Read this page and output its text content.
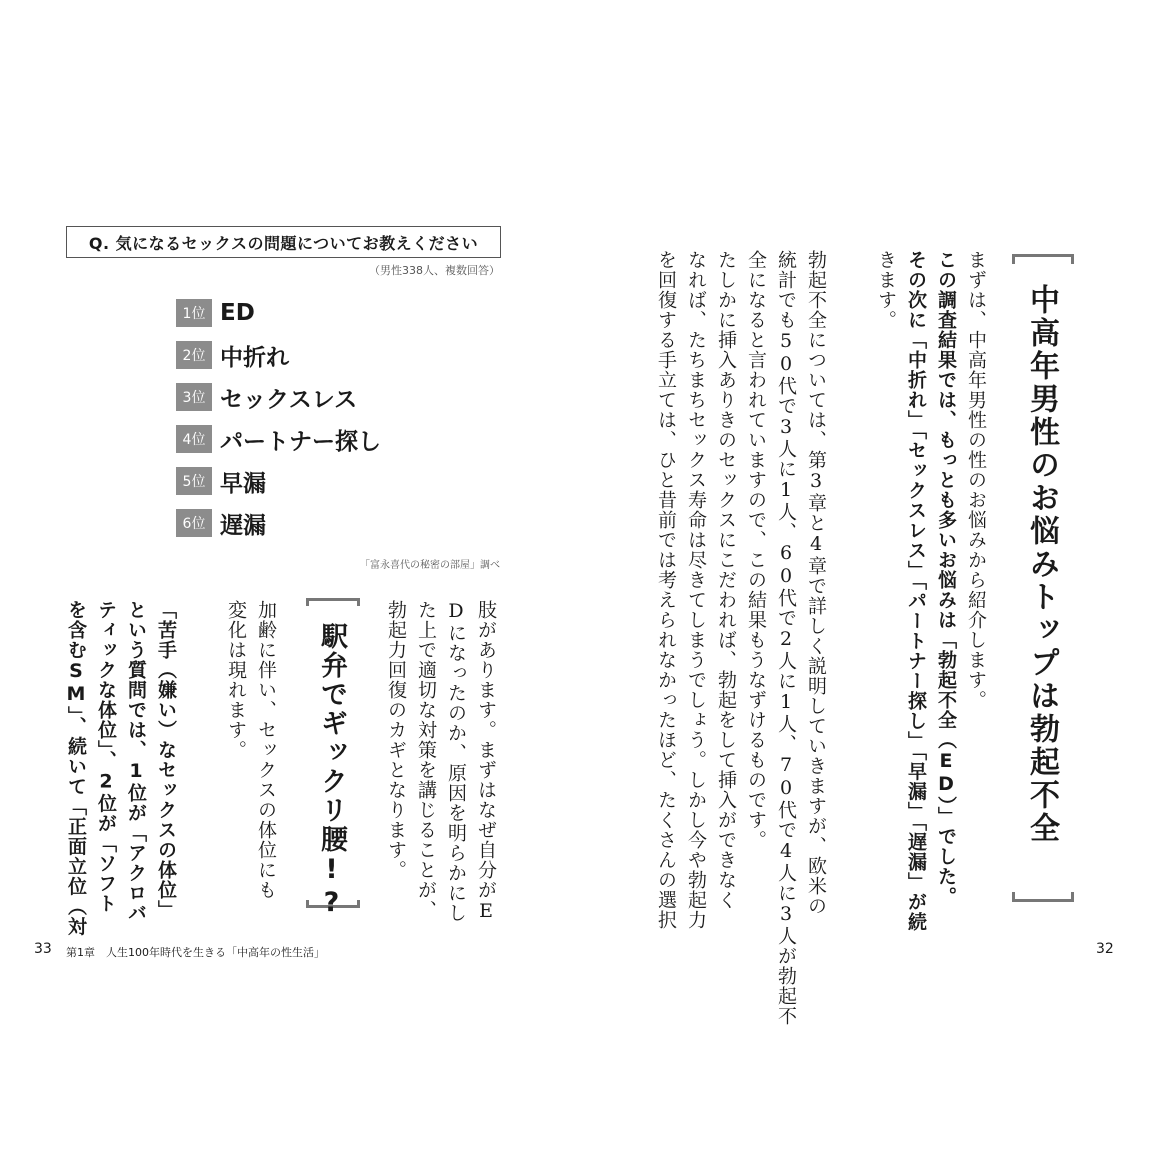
Q. 気になるセックスの問題についてお教えください
（男性338人、複数回答）
1位 ED
2位 中折れ
3位 セックスレス
4位 パートナー探し
5位 早漏
6位 遅漏
「富永喜代の秘密の部屋」調べ
肢があります。まずはなぜ自分がE
Dになったのか、原因を明らかにし
た上で適切な対策を講じることが、
勃起力回復のカギとなります。
駅弁でギックリ腰!?
加齢に伴い、セックスの体位にも
変化は現れます。
「苦手（嫌い）なセックスの体位」
という質問では、1位が「アクロバ
ティックな体位」、2位が「ソフト
を含むSM」、続いて「正面立位（対
33 第1章　人生100年時代を生きる「中高年の性生活」
中高年男性のお悩みトップは勃起不全
まずは、中高年男性の性のお悩みから紹介します。
この調査結果では、もっとも多いお悩みは「勃起不全（ED）」でした。
その次に「中折れ」「セックスレス」「パートナー探し」「早漏」「遅漏」が続
きます。
勃起不全については、第3章と4章で詳しく説明していきますが、欧米の
統計でも50代で3人に1人、60代で2人に1人、70代で4人に3人が勃起不
全になると言われていますので、この結果もうなずけるものです。
たしかに挿入ありきのセックスにこだわれば、勃起をして挿入ができなく
なれば、たちまちセックス寿命は尽きてしまうでしょう。しかし今や勃起力
を回復する手立ては、ひと昔前では考えられなかったほど、たくさんの選択
32
